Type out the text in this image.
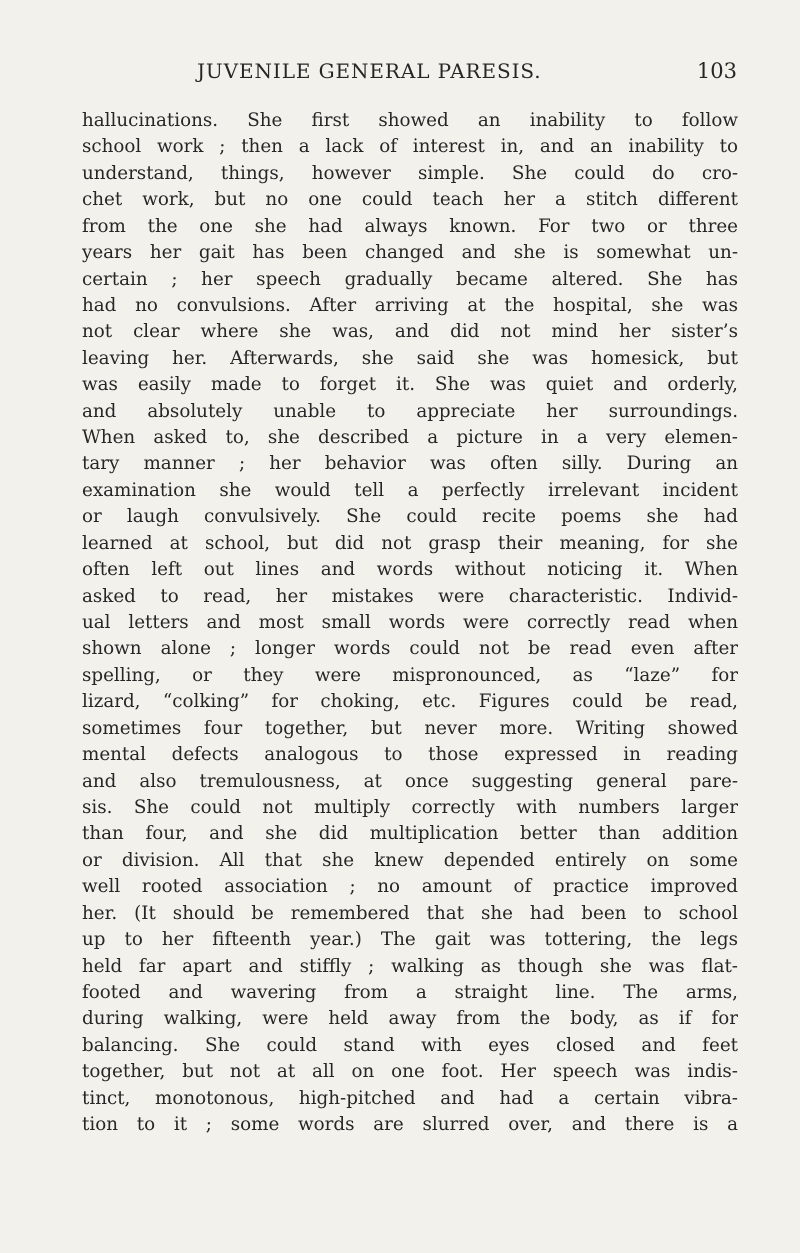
JUVENILE GENERAL PARESIS.	103
hallucinations. She first showed an inability to follow
school work ; then a lack of interest in, and an inability to
understand, things, however simple. She could do cro-
chet work, but no one could teach her a stitch different
from the one she had always known. For two or three
years her gait has been changed and she is somewhat un-
certain ; her speech gradually became altered. She has
had no convulsions. After arriving at the hospital, she was
not clear where she was, and did not mind her sister’s
leaving her. Afterwards, she said she was homesick, but
was easily made to forget it. She was quiet and orderly,
and absolutely unable to appreciate her surroundings.
When asked to, she described a picture in a very elemen-
tary manner ; her behavior was often silly. During an
examination she would tell a perfectly irrelevant incident
or laugh convulsively. She could recite poems she had
learned at school, but did not grasp their meaning, for she
often left out lines and words without noticing it. When
asked to read, her mistakes were characteristic. Individ-
ual letters and most small words were correctly read when
shown alone ; longer words could not be read even after
spelling, or they were mispronounced, as “laze” for
lizard, “colking” for choking, etc. Figures could be read,
sometimes four together, but never more. Writing showed
mental defects analogous to those expressed in reading
and also tremulousness, at once suggesting general pare-
sis. She could not multiply correctly with numbers larger
than four, and she did multiplication better than addition
or division. All that she knew depended entirely on some
well rooted association ; no amount of practice improved
her. (It should be remembered that she had been to school
up to her fifteenth year.) The gait was tottering, the legs
held far apart and stiffly ; walking as though she was flat-
footed and wavering from a straight line. The arms,
during walking, were held away from the body, as if for
balancing. She could stand with eyes closed and feet
together, but not at all on one foot. Her speech was indis-
tinct, monotonous, high-pitched and had a certain vibra-
tion to it ; some words are slurred over, and there is a
